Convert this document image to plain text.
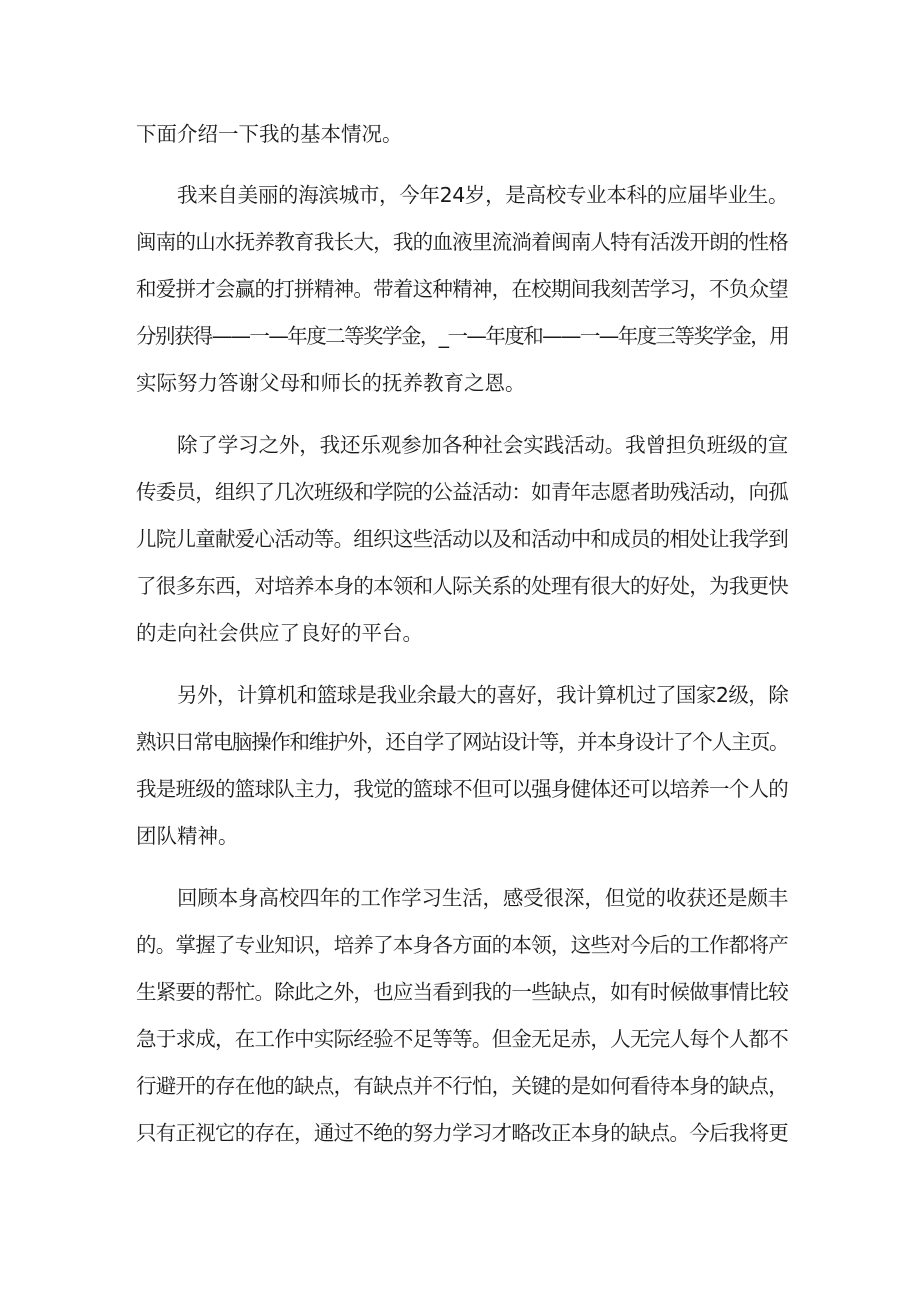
下面介绍一下我的基本情况。
我来自美丽的海滨城市，今年24岁，是高校专业本科的应届毕业生。
闽南的山水抚养教育我长大，我的血液里流淌着闽南人特有活泼开朗的性格
和爱拼才会赢的打拼精神。带着这种精神，在校期间我刻苦学习，不负众望
分别获得——一—年度二等奖学金，_一—年度和——一—年度三等奖学金，用
实际努力答谢父母和师长的抚养教育之恩。
除了学习之外，我还乐观参加各种社会实践活动。我曾担负班级的宣
传委员，组织了几次班级和学院的公益活动：如青年志愿者助残活动，向孤
儿院儿童献爱心活动等。组织这些活动以及和活动中和成员的相处让我学到
了很多东西，对培养本身的本领和人际关系的处理有很大的好处，为我更快
的走向社会供应了良好的平台。
另外，计算机和篮球是我业余最大的喜好，我计算机过了国家2级，除
熟识日常电脑操作和维护外，还自学了网站设计等，并本身设计了个人主页。
我是班级的篮球队主力，我觉的篮球不但可以强身健体还可以培养一个人的
团队精神。
回顾本身高校四年的工作学习生活，感受很深，但觉的收获还是颇丰
的。掌握了专业知识，培养了本身各方面的本领，这些对今后的工作都将产
生紧要的帮忙。除此之外，也应当看到我的一些缺点，如有时候做事情比较
急于求成，在工作中实际经验不足等等。但金无足赤，人无完人每个人都不
行避开的存在他的缺点，有缺点并不行怕，关键的是如何看待本身的缺点，
只有正视它的存在，通过不绝的努力学习才略改正本身的缺点。今后我将更
